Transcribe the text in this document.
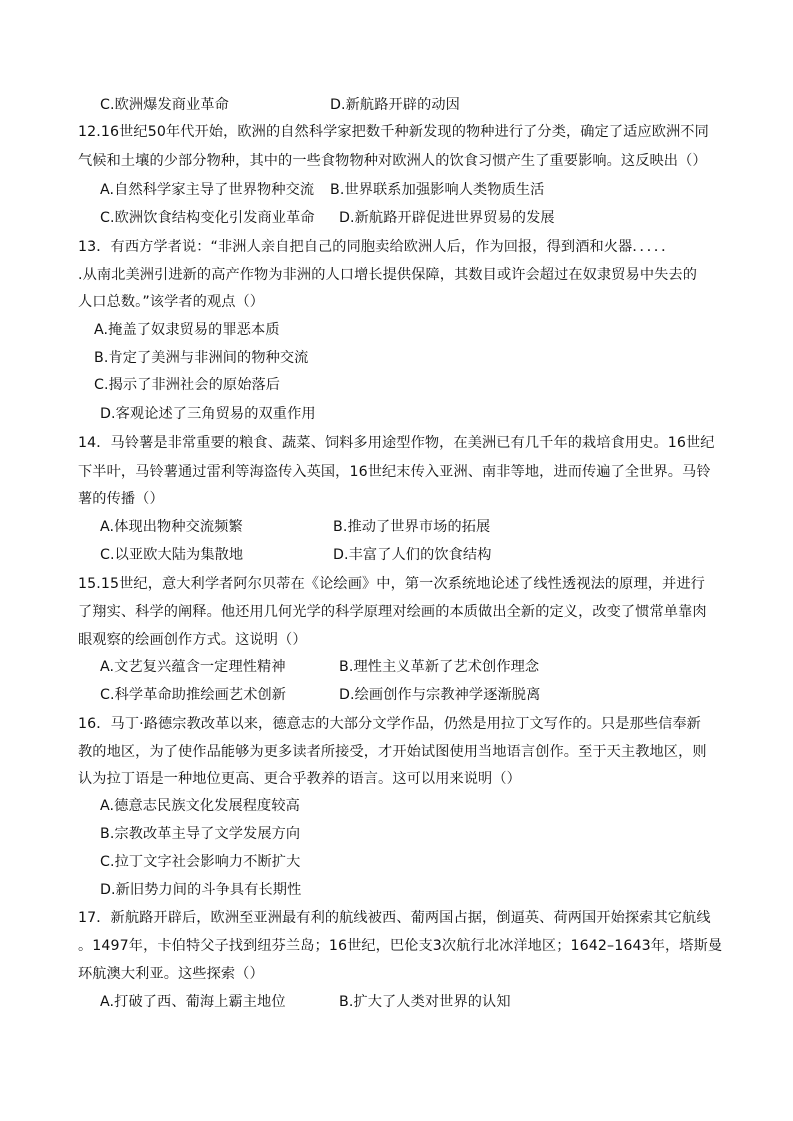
C.欧洲爆发商业革命	D.新航路开辟的动因
12.16世纪50年代开始，欧洲的自然科学家把数千种新发现的物种进行了分类，确定了适应欧洲不同
气候和土壤的少部分物种，其中的一些食物物种对欧洲人的饮食习惯产生了重要影响。这反映出（）
A.自然科学家主导了世界物种交流 B.世界联系加强影响人类物质生活
C.欧洲饮食结构变化引发商业革命 D.新航路开辟促进世界贸易的发展
13．有西方学者说：“非洲人亲自把自己的同胞卖给欧洲人后，作为回报，得到酒和火器．．．．．
.从南北美洲引进新的高产作物为非洲的人口增长提供保障，其数目或许会超过在奴隶贸易中失去的
人口总数。”该学者的观点（）
A.掩盖了奴隶贸易的罪恶本质
B.肯定了美洲与非洲间的物种交流
C.揭示了非洲社会的原始落后
D.客观论述了三角贸易的双重作用
14．马铃薯是非常重要的粮食、蔬菜、饲料多用途型作物，在美洲已有几千年的栽培食用史。16世纪
下半叶，马铃薯通过雷利等海盗传入英国，16世纪末传入亚洲、南非等地，进而传遍了全世界。马铃
薯的传播（）
A.体现出物种交流频繁	B.推动了世界市场的拓展
C.以亚欧大陆为集散地	D.丰富了人们的饮食结构
15.15世纪，意大利学者阿尔贝蒂在《论绘画》中，第一次系统地论述了线性透视法的原理，并进行
了翔实、科学的阐释。他还用几何光学的科学原理对绘画的本质做出全新的定义，改变了惯常单靠肉
眼观察的绘画创作方式。这说明（）
A.文艺复兴蕴含一定理性精神	B.理性主义革新了艺术创作理念
C.科学革命助推绘画艺术创新	D.绘画创作与宗教神学逐渐脱离
16．马丁·路德宗教改革以来，德意志的大部分文学作品，仍然是用拉丁文写作的。只是那些信奉新
教的地区，为了使作品能够为更多读者所接受，才开始试图使用当地语言创作。至于天主教地区，则
认为拉丁语是一种地位更高、更合乎教养的语言。这可以用来说明（）
A.德意志民族文化发展程度较高
B.宗教改革主导了文学发展方向
C.拉丁文字社会影响力不断扩大
D.新旧势力间的斗争具有长期性
17．新航路开辟后，欧洲至亚洲最有利的航线被西、葡两国占据，倒逼英、荷两国开始探索其它航线
。1497年，卡伯特父子找到纽芬兰岛；16世纪，巴伦支3次航行北冰洋地区；1642–1643年，塔斯曼
环航澳大利亚。这些探索（）
A.打破了西、葡海上霸主地位	B.扩大了人类对世界的认知
